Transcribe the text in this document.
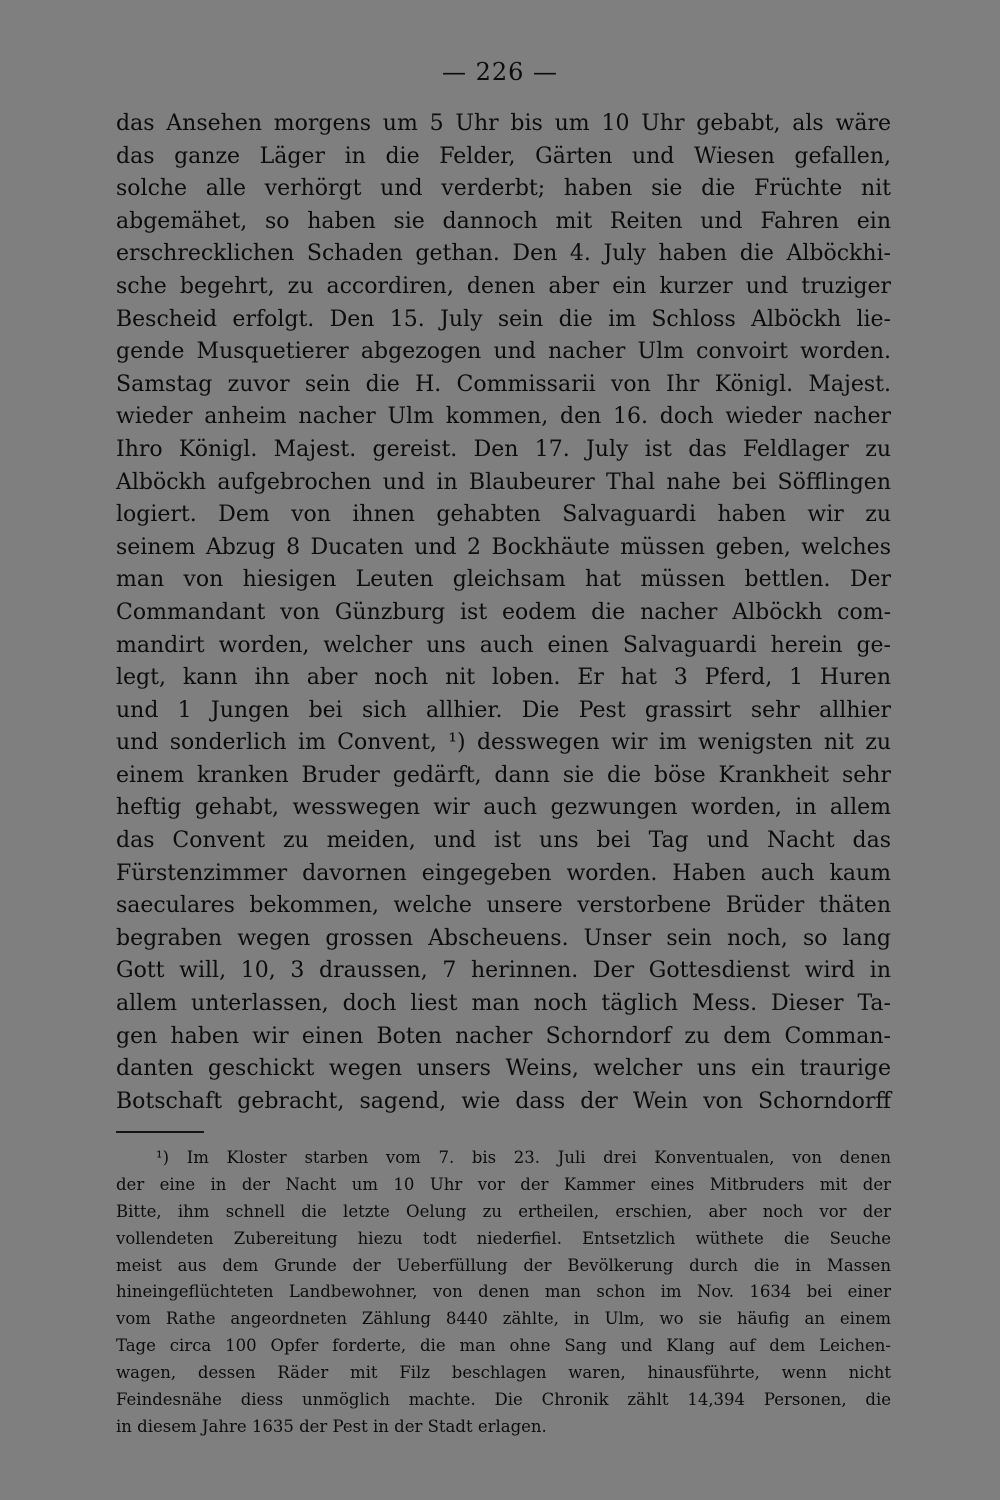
— 226 —
das Ansehen morgens um 5 Uhr bis um 10 Uhr gebabt, als wäre
das ganze Läger in die Felder, Gärten und Wiesen gefallen,
solche alle verhörgt und verderbt; haben sie die Früchte nit
abgemähet, so haben sie dannoch mit Reiten und Fahren ein
erschrecklichen Schaden gethan. Den 4. July haben die Alböckhi-
sche begehrt, zu accordiren, denen aber ein kurzer und truziger
Bescheid erfolgt. Den 15. July sein die im Schloss Alböckh lie-
gende Musquetierer abgezogen und nacher Ulm convoirt worden.
Samstag zuvor sein die H. Commissarii von Ihr Königl. Majest.
wieder anheim nacher Ulm kommen, den 16. doch wieder nacher
Ihro Königl. Majest. gereist. Den 17. July ist das Feldlager zu
Alböckh aufgebrochen und in Blaubeurer Thal nahe bei Söfflingen
logiert. Dem von ihnen gehabten Salvaguardi haben wir zu
seinem Abzug 8 Ducaten und 2 Bockhäute müssen geben, welches
man von hiesigen Leuten gleichsam hat müssen bettlen. Der
Commandant von Günzburg ist eodem die nacher Alböckh com-
mandirt worden, welcher uns auch einen Salvaguardi herein ge-
legt, kann ihn aber noch nit loben. Er hat 3 Pferd, 1 Huren
und 1 Jungen bei sich allhier. Die Pest grassirt sehr allhier
und sonderlich im Convent, ¹) desswegen wir im wenigsten nit zu
einem kranken Bruder gedärft, dann sie die böse Krankheit sehr
heftig gehabt, wesswegen wir auch gezwungen worden, in allem
das Convent zu meiden, und ist uns bei Tag und Nacht das
Fürstenzimmer davornen eingegeben worden. Haben auch kaum
saeculares bekommen, welche unsere verstorbene Brüder thäten
begraben wegen grossen Abscheuens. Unser sein noch, so lang
Gott will, 10, 3 draussen, 7 herinnen. Der Gottesdienst wird in
allem unterlassen, doch liest man noch täglich Mess. Dieser Ta-
gen haben wir einen Boten nacher Schorndorf zu dem Comman-
danten geschickt wegen unsers Weins, welcher uns ein traurige
Botschaft gebracht, sagend, wie dass der Wein von Schorndorff
¹) Im Kloster starben vom 7. bis 23. Juli drei Konventualen, von denen
der eine in der Nacht um 10 Uhr vor der Kammer eines Mitbruders mit der
Bitte, ihm schnell die letzte Oelung zu ertheilen, erschien, aber noch vor der
vollendeten Zubereitung hiezu todt niederfiel. Entsetzlich wüthete die Seuche
meist aus dem Grunde der Ueberfüllung der Bevölkerung durch die in Massen
hineingeflüchteten Landbewohner, von denen man schon im Nov. 1634 bei einer
vom Rathe angeordneten Zählung 8440 zählte, in Ulm, wo sie häufig an einem
Tage circa 100 Opfer forderte, die man ohne Sang und Klang auf dem Leichen-
wagen, dessen Räder mit Filz beschlagen waren, hinausführte, wenn nicht
Feindesnähe diess unmöglich machte. Die Chronik zählt 14,394 Personen, die
in diesem Jahre 1635 der Pest in der Stadt erlagen.
